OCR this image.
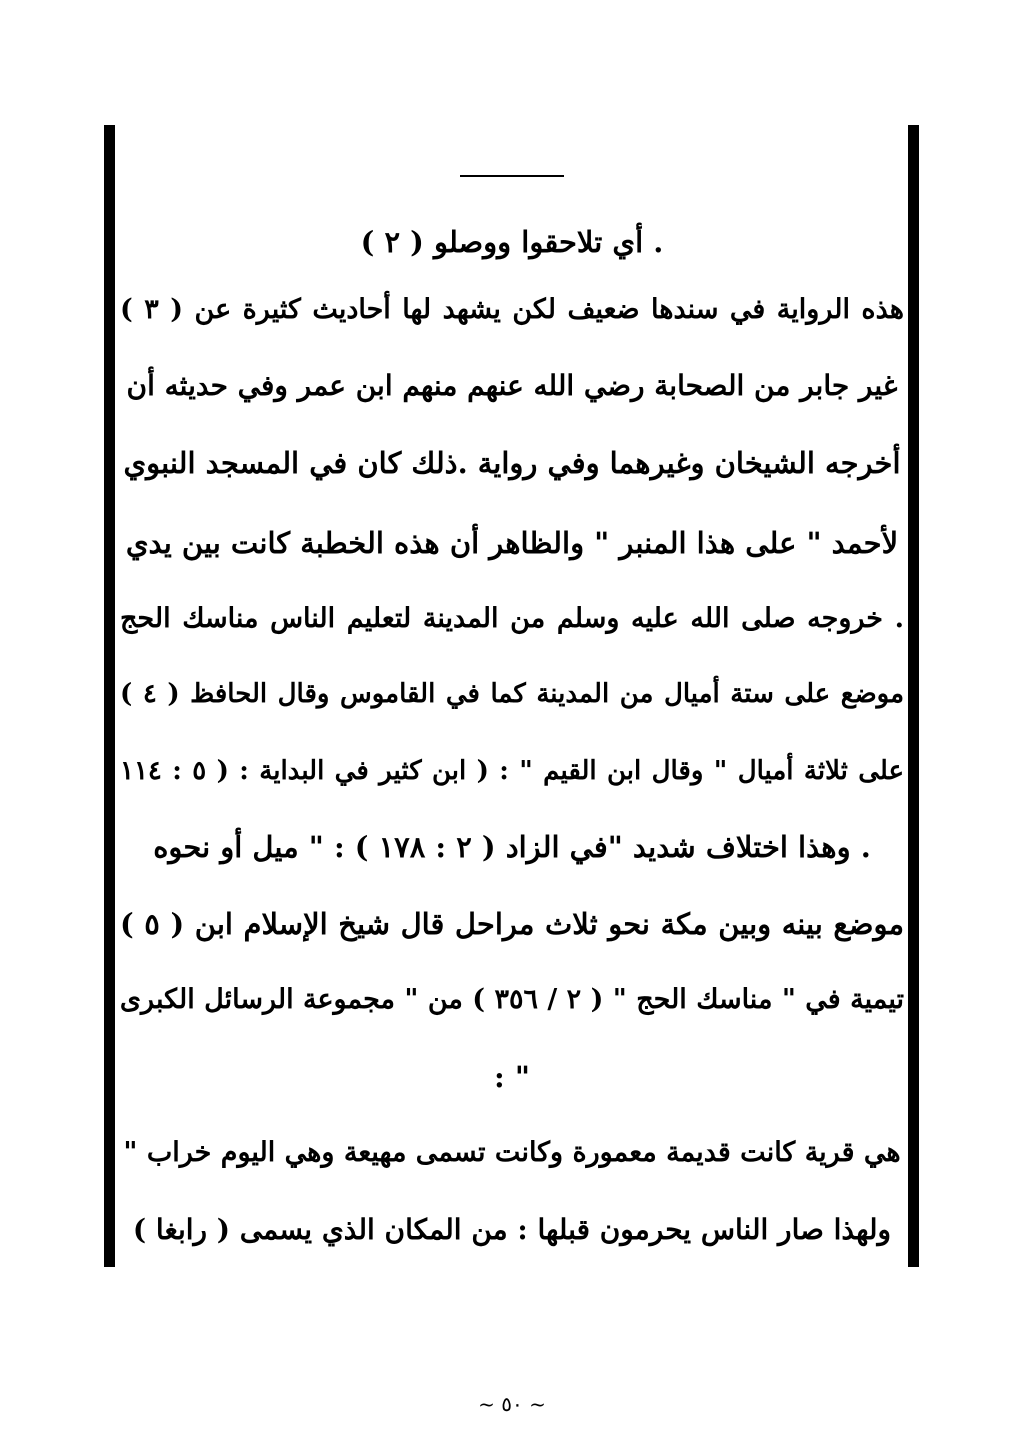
. أي تلاحقوا ووصلو ( ٢ )
هذه الرواية في سندها ضعيف لكن يشهد لها أحاديث كثيرة عن ( ٣ )
غير جابر من الصحابة رضي الله عنهم منهم ابن عمر وفي حديثه أن
أخرجه الشيخان وغيرهما وفي رواية .ذلك كان في المسجد النبوي
لأحمد " على هذا المنبر " والظاهر أن هذه الخطبة كانت بين يدي
. خروجه صلى الله عليه وسلم من المدينة لتعليم الناس مناسك الحج
موضع على ستة أميال من المدينة كما في القاموس وقال الحافظ ( ٤ )
على ثلاثة أميال " وقال ابن القيم " : ( ابن كثير في البداية : ( ٥ : ١١٤
. وهذا اختلاف شديد "في الزاد ( ٢ : ١٧٨ ) : " ميل أو نحوه
موضع بينه وبين مكة نحو ثلاث مراحل قال شيخ الإسلام ابن ( ٥ )
تيمية في " مناسك الحج " ( ٢ / ٣٥٦ ) من " مجموعة الرسائل الكبرى
: "
هي قرية كانت قديمة معمورة وكانت تسمى مهيعة وهي اليوم خراب "
ولهذا صار الناس يحرمون قبلها : من المكان الذي يسمى ( رابغا )
~ ٥٠ ~
